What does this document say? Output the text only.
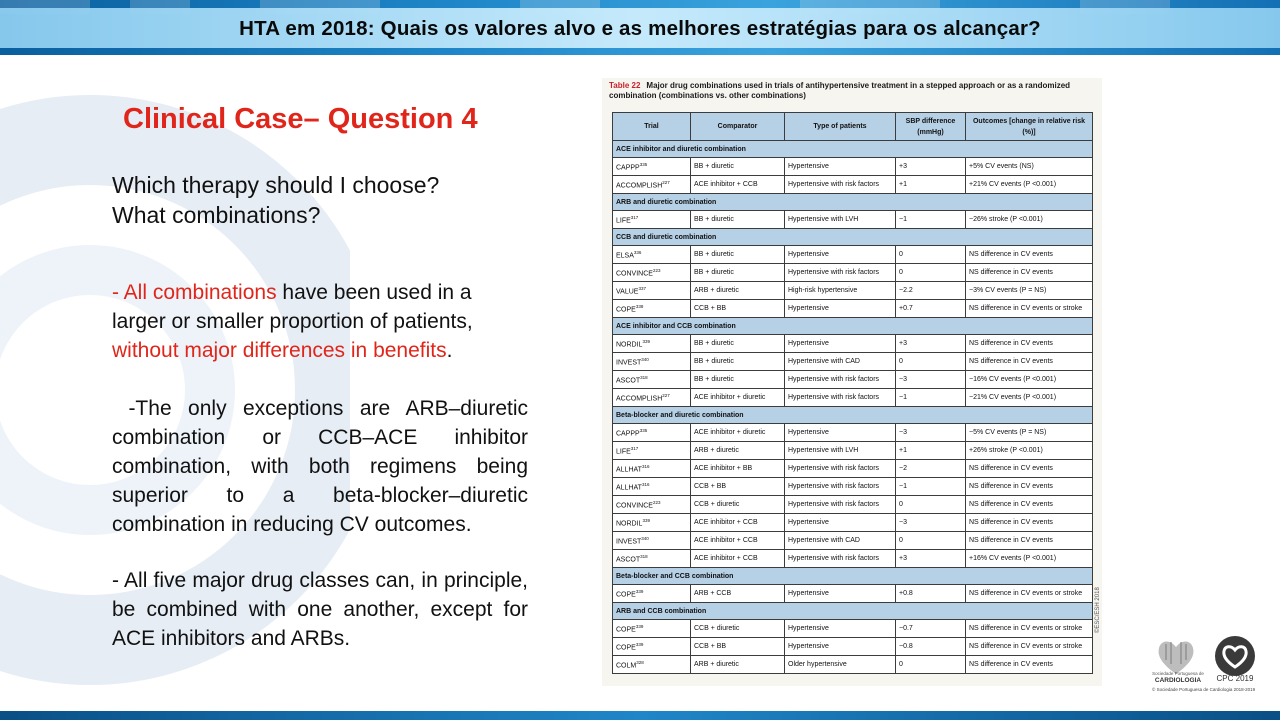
HTA em 2018: Quais os valores alvo e as melhores estratégias para os alcançar?
Clinical Case– Question 4
Which therapy should I choose?
What combinations?
- All combinations have been used in a larger or smaller proportion of patients, without major differences in benefits.
-The only exceptions are ARB–diuretic combination or CCB–ACE inhibitor combination, with both regimens being superior to a beta-blocker–diuretic combination in reducing CV outcomes.
- All five major drug classes can, in principle, be combined with one another, except for ACE inhibitors and ARBs.
Table 22 Major drug combinations used in trials of antihypertensive treatment in a stepped approach or as a randomized combination (combinations vs. other combinations)
Trial	Comparator	Type of patients	SBP difference (mmHg)	Outcomes [change in relative risk (%)]
ACE inhibitor and diuretic combination				
CAPPP$^{335}$	BB + diuretic	Hypertensive	+3	+5% CV events (NS)
ACCOMPLISH$^{227}$	ACE inhibitor + CCB	Hypertensive with risk factors	+1	+21% CV events (P <0.001)
ARB and diuretic combination				
LIFE$^{317}$	BB + diuretic	Hypertensive with LVH	−1	−26% stroke (P <0.001)
CCB and diuretic combination				
ELSA$^{336}$	BB + diuretic	Hypertensive	0	NS difference in CV events
CONVINCE$^{223}$	BB + diuretic	Hypertensive with risk factors	0	NS difference in CV events
VALUE$^{337}$	ARB + diuretic	High-risk hypertensive	−2.2	−3% CV events (P = NS)
COPE$^{338}$	CCB + BB	Hypertensive	+0.7	NS difference in CV events or stroke
ACE inhibitor and CCB combination				
NORDIL$^{339}$	BB + diuretic	Hypertensive	+3	NS difference in CV events
INVEST$^{340}$	BB + diuretic	Hypertensive with CAD	0	NS difference in CV events
ASCOT$^{318}$	BB + diuretic	Hypertensive with risk factors	−3	−16% CV events (P <0.001)
ACCOMPLISH$^{227}$	ACE inhibitor + diuretic	Hypertensive with risk factors	−1	−21% CV events (P <0.001)
Beta-blocker and diuretic combination				
CAPPP$^{335}$	ACE inhibitor + diuretic	Hypertensive	−3	−5% CV events (P = NS)
LIFE$^{317}$	ARB + diuretic	Hypertensive with LVH	+1	+26% stroke (P <0.001)
ALLHAT$^{316}$	ACE inhibitor + BB	Hypertensive with risk factors	−2	NS difference in CV events
ALLHAT$^{316}$	CCB + BB	Hypertensive with risk factors	−1	NS difference in CV events
CONVINCE$^{223}$	CCB + diuretic	Hypertensive with risk factors	0	NS difference in CV events
NORDIL$^{339}$	ACE inhibitor + CCB	Hypertensive	−3	NS difference in CV events
INVEST$^{340}$	ACE inhibitor + CCB	Hypertensive with CAD	0	NS difference in CV events
ASCOT$^{318}$	ACE inhibitor + CCB	Hypertensive with risk factors	+3	+16% CV events (P <0.001)
Beta-blocker and CCB combination				
COPE$^{339}$	ARB + CCB	Hypertensive	+0.8	NS difference in CV events or stroke
ARB and CCB combination				
COPE$^{339}$	CCB + diuretic	Hypertensive	−0.7	NS difference in CV events or stroke
COPE$^{339}$	CCB + BB	Hypertensive	−0.8	NS difference in CV events or stroke
COLM$^{328}$	ARB + diuretic	Older hypertensive	0	NS difference in CV events
©ESC/ESH 2018
Sociedade Portuguesa de
CARDIOLOGIA	CPC 2019
© Sociedade Portuguesa de Cardiologia 2018-2019
